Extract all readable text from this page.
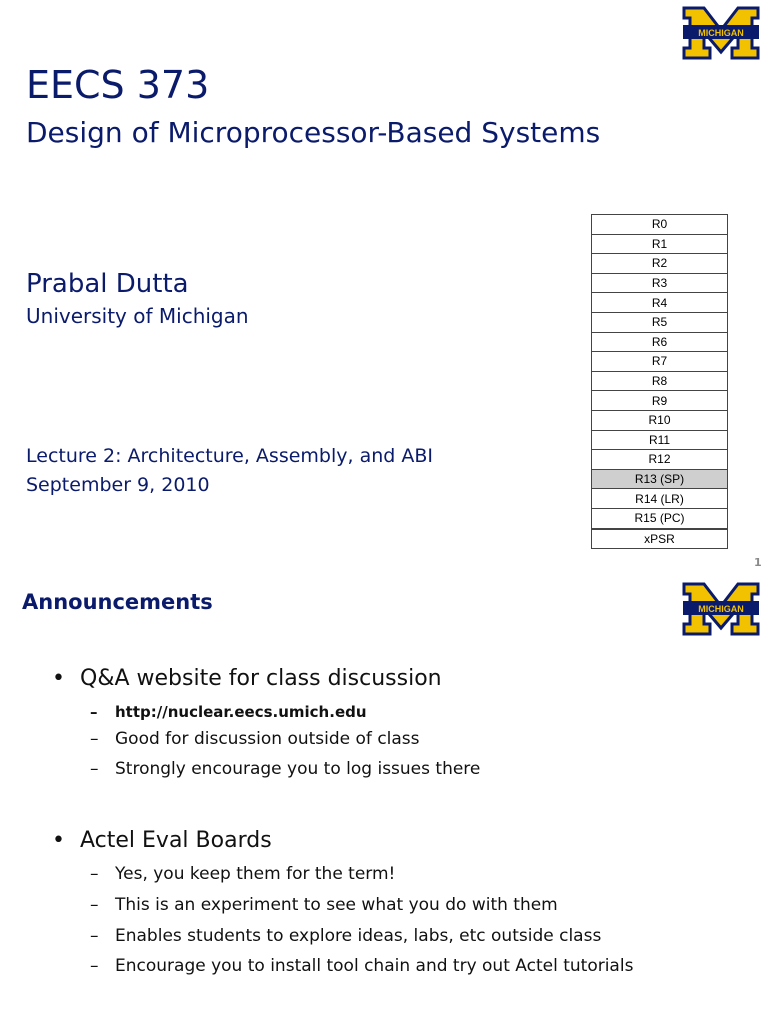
MICHIGAN
EECS 373
Design of Microprocessor-Based Systems
Prabal Dutta
University of Michigan
Lecture 2: Architecture, Assembly, and ABI
September 9, 2010
R0
R1
R2
R3
R4
R5
R6
R7
R8
R9
R10
R11
R12
R13 (SP)
R14 (LR)
R15 (PC)
xPSR
1
Announcements	MICHIGAN
• Q&A website for class discussion
– http://nuclear.eecs.umich.edu
– Good for discussion outside of class
– Strongly encourage you to log issues there
• Actel Eval Boards
– Yes, you keep them for the term!
– This is an experiment to see what you do with them
– Enables students to explore ideas, labs, etc outside class
– Encourage you to install tool chain and try out Actel tutorials
